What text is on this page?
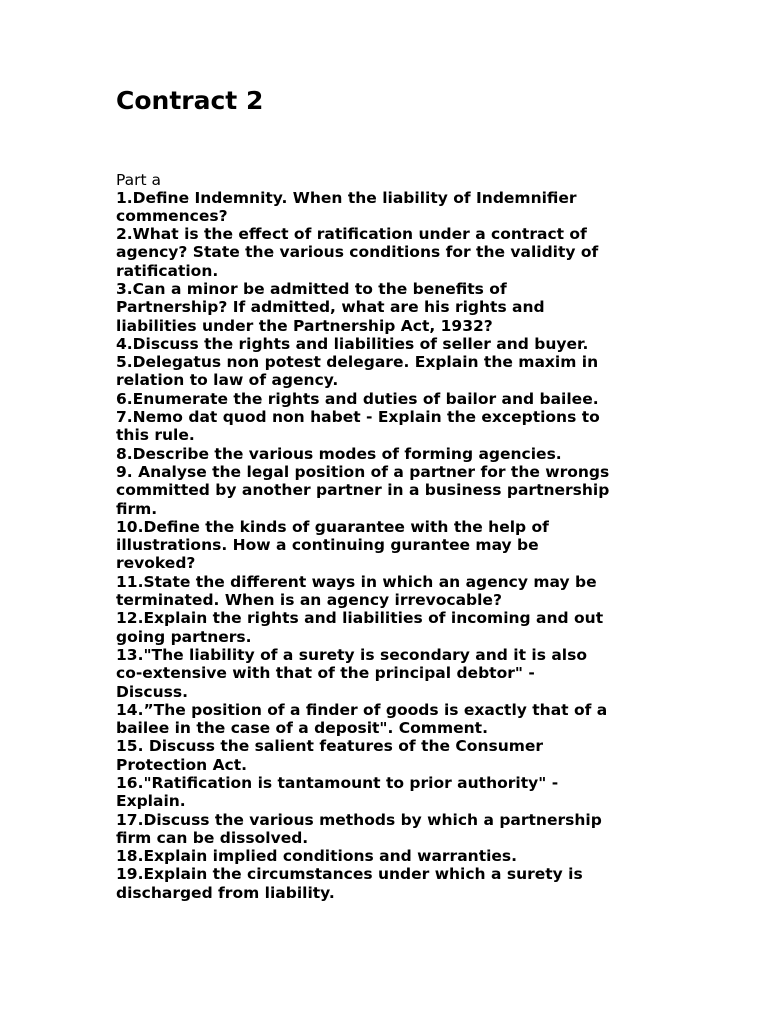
Contract 2
Part a
1.Define Indemnity. When the liability of Indemnifier
commences?
2.What is the effect of ratification under a contract of
agency? State the various conditions for the validity of
ratification.
3.Can a minor be admitted to the benefits of
Partnership? If admitted, what are his rights and
liabilities under the Partnership Act, 1932?
4.Discuss the rights and liabilities of seller and buyer.
5.Delegatus non potest delegare. Explain the maxim in
relation to law of agency.
6.Enumerate the rights and duties of bailor and bailee.
7.Nemo dat quod non habet - Explain the exceptions to
this rule.
8.Describe the various modes of forming agencies.
9. Analyse the legal position of a partner for the wrongs
committed by another partner in a business partnership
firm.
10.Define the kinds of guarantee with the help of
illustrations. How a continuing gurantee may be
revoked?
11.State the different ways in which an agency may be
terminated. When is an agency irrevocable?
12.Explain the rights and liabilities of incoming and out
going partners.
13."The liability of a surety is secondary and it is also
co-extensive with that of the principal debtor" -
Discuss.
14.”The position of a finder of goods is exactly that of a
bailee in the case of a deposit". Comment.
15. Discuss the salient features of the Consumer
Protection Act.
16."Ratification is tantamount to prior authority" -
Explain.
17.Discuss the various methods by which a partnership
firm can be dissolved.
18.Explain implied conditions and warranties.
19.Explain the circumstances under which a surety is
discharged from liability.
